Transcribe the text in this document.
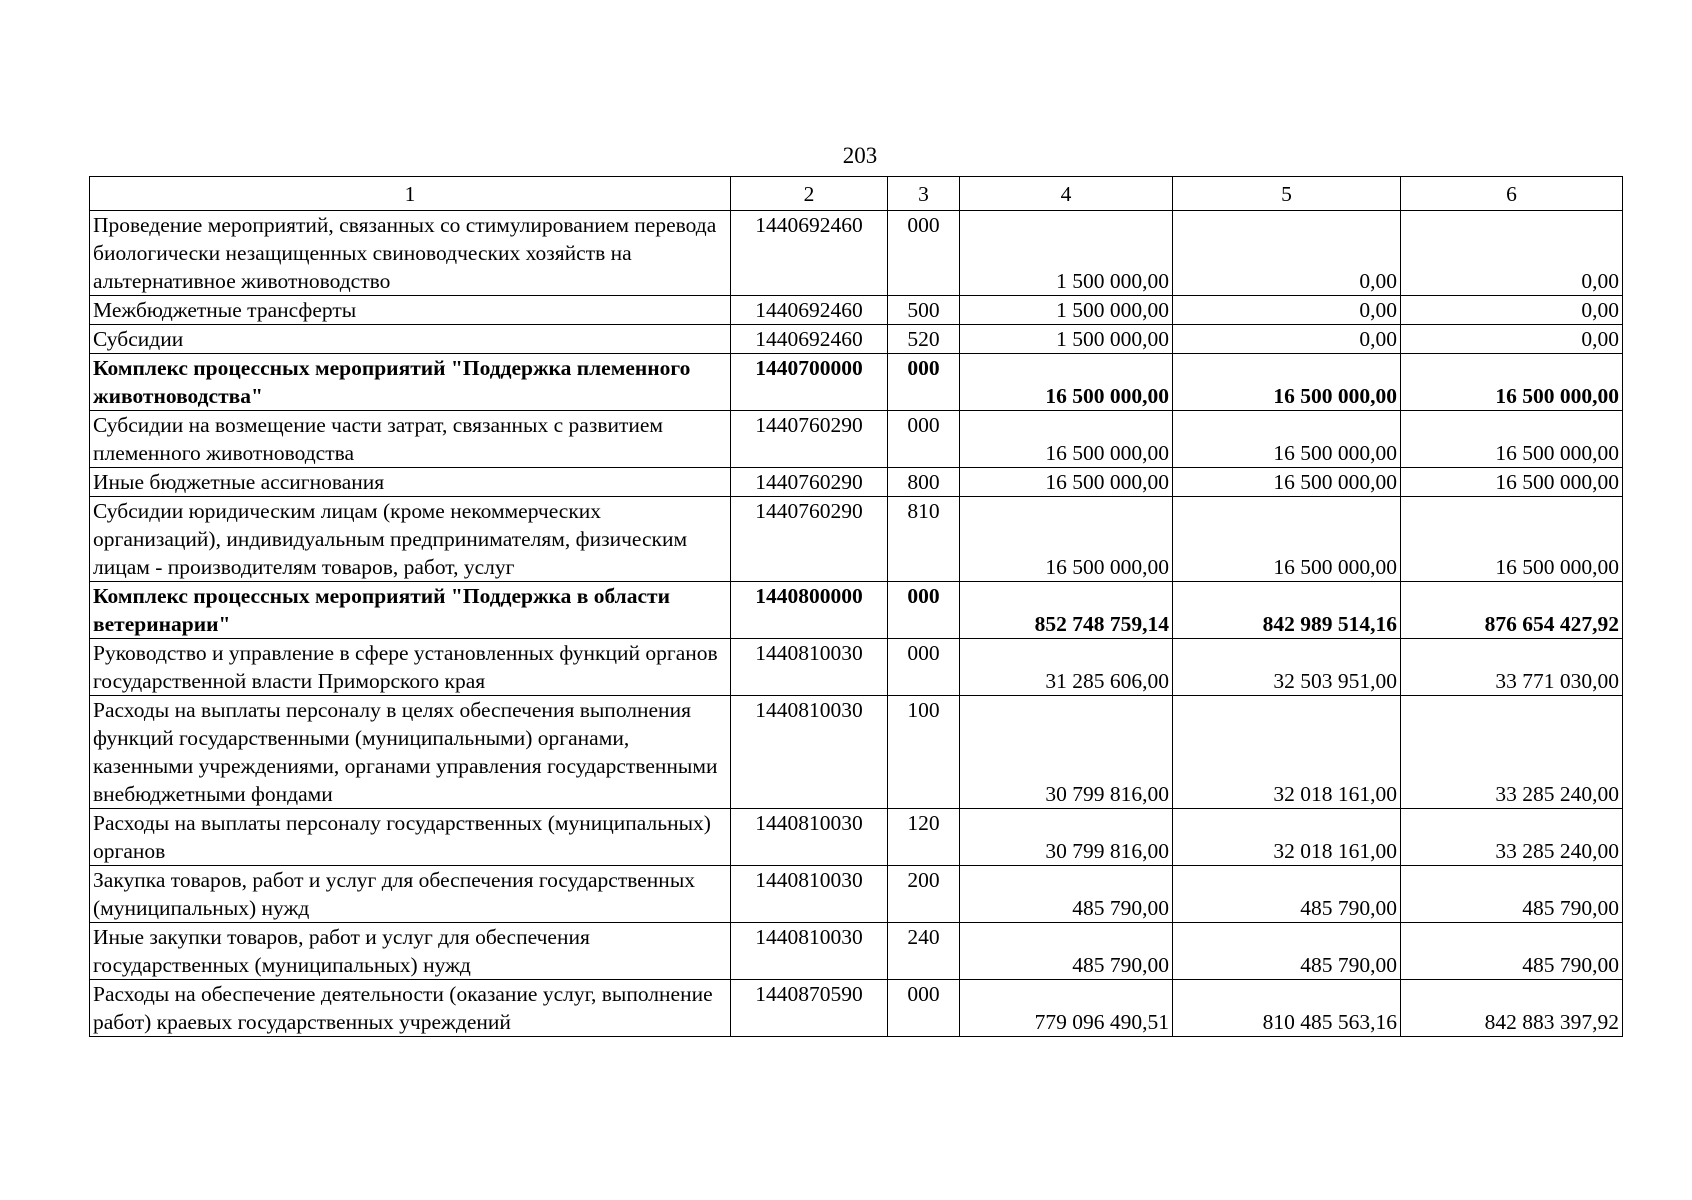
203
1	2	3	4	5	6
Проведение мероприятий, связанных со стимулированием перевода биологически незащищенных свиноводческих хозяйств на альтернативное животноводство	1440692460	000	1 500 000,00	0,00	0,00
Межбюджетные трансферты	1440692460	500	1 500 000,00	0,00	0,00
Субсидии	1440692460	520	1 500 000,00	0,00	0,00
Комплекс процессных мероприятий "Поддержка племенного животноводства"	1440700000	000	16 500 000,00	16 500 000,00	16 500 000,00
Субсидии на возмещение части затрат, связанных с развитием племенного животноводства	1440760290	000	16 500 000,00	16 500 000,00	16 500 000,00
Иные бюджетные ассигнования	1440760290	800	16 500 000,00	16 500 000,00	16 500 000,00
Субсидии юридическим лицам (кроме некоммерческих организаций), индивидуальным предпринимателям, физическим лицам - производителям товаров, работ, услуг	1440760290	810	16 500 000,00	16 500 000,00	16 500 000,00
Комплекс процессных мероприятий "Поддержка в области ветеринарии"	1440800000	000	852 748 759,14	842 989 514,16	876 654 427,92
Руководство и управление в сфере установленных функций органов государственной власти Приморского края	1440810030	000	31 285 606,00	32 503 951,00	33 771 030,00
Расходы на выплаты персоналу в целях обеспечения выполнения функций государственными (муниципальными) органами, казенными учреждениями, органами управления государственными внебюджетными фондами	1440810030	100	30 799 816,00	32 018 161,00	33 285 240,00
Расходы на выплаты персоналу государственных (муниципальных) органов	1440810030	120	30 799 816,00	32 018 161,00	33 285 240,00
Закупка товаров, работ и услуг для обеспечения государственных (муниципальных) нужд	1440810030	200	485 790,00	485 790,00	485 790,00
Иные закупки товаров, работ и услуг для обеспечения государственных (муниципальных) нужд	1440810030	240	485 790,00	485 790,00	485 790,00
Расходы на обеспечение деятельности (оказание услуг, выполнение работ) краевых государственных учреждений	1440870590	000	779 096 490,51	810 485 563,16	842 883 397,92
